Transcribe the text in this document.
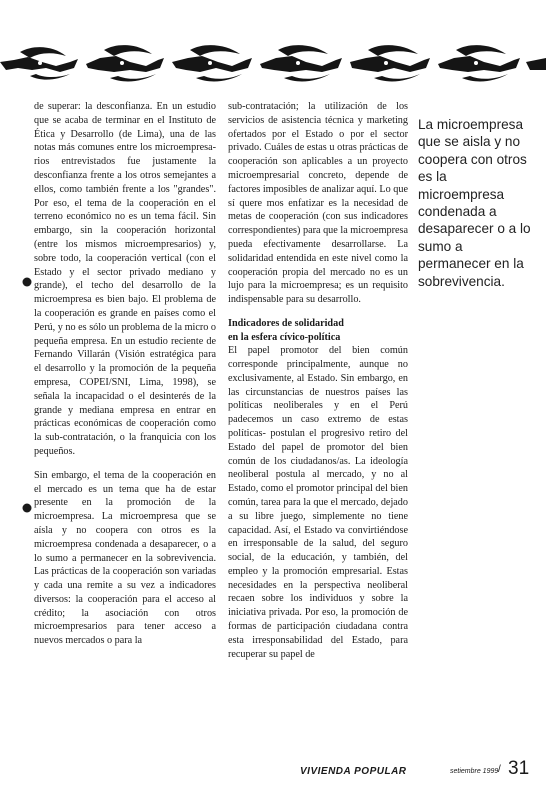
de superar: la desconfianza. En un estudio que se acaba de terminar en el Instituto de Ética y Desarrollo (de Lima), una de las notas más comunes entre los microempresa- rios entrevistados fue justamente la desconfianza frente a los otros semejantes a ellos, como también frente a los "grandes". Por eso, el tema de la cooperación en el terreno económico no es un tema fácil. Sin embargo, sin la cooperación horizontal (entre los mismos microempresarios) y, sobre todo, la cooperación vertical (con el Estado y el sector privado mediano y grande), el techo del desarrollo de la microempresa es bien bajo. El problema de la cooperación es grande en países como el Perú, y no es sólo un problema de la micro o pequeña empresa. En un estudio reciente de Fernando Villarán (Visión estratégica para el desarrollo y la promoción de la pequeña empresa, COPEI/SNI, Lima, 1998), se señala la incapacidad o el desinterés de la grande y mediana empresa en entrar en prácticas económicas de cooperación como la sub-contratación, o la franquicia con los pequeños.

Sin embargo, el tema de la cooperación en el mercado es un tema que ha de estar presente en la promoción de la microempresa. La microempresa que se aísla y no coopera con otros es la microempresa condenada a desaparecer, o a lo sumo a permanecer en la sobrevivencia. Las prácticas de la cooperación son variadas y cada una remite a su vez a indicadores diversos: la cooperación para el acceso al crédito; la asociación con otros microempresarios para tener acceso a nuevos mercados o para la

sub-contratación; la utilización de los servicios de asistencia técnica y marketing ofertados por el Estado o por el sector privado. Cuáles de estas u otras prácticas de cooperación son aplicables a un proyecto microempresarial concreto, depende de factores imposibles de analizar aquí. Lo que sí quere mos enfatizar es la necesidad de metas de cooperación (con sus indicadores correspondientes) para que la microempresa pueda efectivamente desarrollarse. La solidaridad entendida en este nivel como la cooperación propia del mercado no es un lujo para la microempresa; es un requisito indispensable para su desarrollo.

Indicadores de solidaridad
en la esfera cívico-política

El papel promotor del bien común corresponde principalmente, aunque no exclusivamente, al Estado. Sin embargo, en las circunstancias de nuestros países las políticas neoliberales y en el Perú padecemos un caso extremo de estas políticas- postulan el progresivo retiro del Estado del papel de promotor del bien común de los ciudadanos/as. La ideología neoliberal postula al mercado, y no al Estado, como el promotor principal del bien común, tarea para la que el mercado, dejado a su libre juego, simplemente no tiene capacidad. Así, el Estado va convirtiéndose en irresponsable de la salud, del seguro social, de la educación, y también, del empleo y la promoción empresarial. Estas necesidades en la perspectiva neoliberal recaen sobre los individuos y sobre la iniciativa privada. Por eso, la promoción de formas de participación ciudadana contra esta irresponsabilidad del Estado, para recuperar su papel de

La microempresa que se aisla y no coopera con otros es la microempresa condenada a desaparecer o a lo sumo a permanecer en la sobrevivencia.
VIVIENDA POPULAR	setiembre 1999 / 31
